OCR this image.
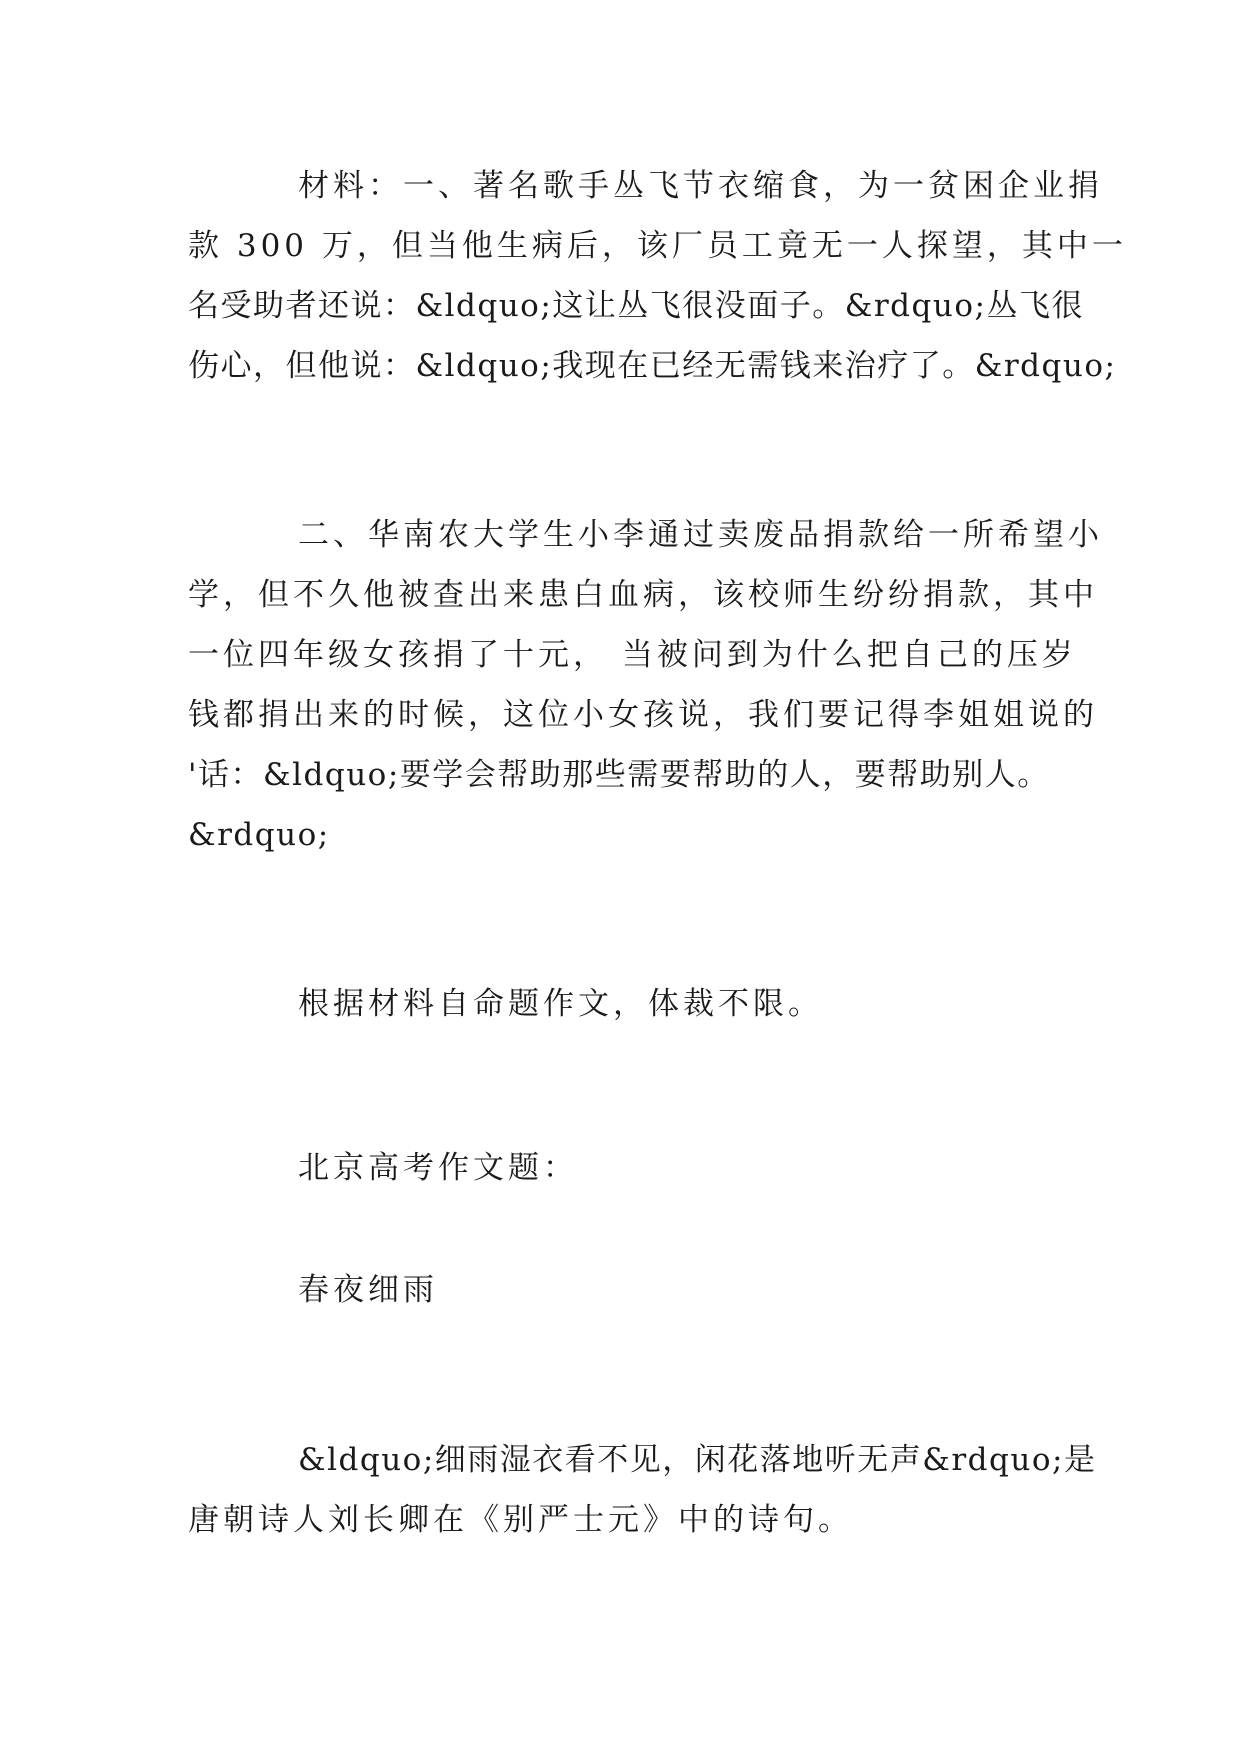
材料：一、著名歌手丛飞节衣缩食，为一贫困企业捐

款 300 万，但当他生病后，该厂员工竟无一人探望，其中一

名受助者还说：&ldquo;这让丛飞很没面子。&rdquo;丛飞很

伤心，但他说：&ldquo;我现在已经无需钱来治疗了。&rdquo;

二、华南农大学生小李通过卖废品捐款给一所希望小

学，但不久他被查出来患白血病，该校师生纷纷捐款，其中

一位四年级女孩捐了十元， 当被问到为什么把自己的压岁

钱都捐出来的时候，这位小女孩说，我们要记得李姐姐说的

'话：&ldquo;要学会帮助那些需要帮助的人，要帮助别人。

&rdquo;

根据材料自命题作文，体裁不限。

北京高考作文题：

春夜细雨

&ldquo;细雨湿衣看不见，闲花落地听无声&rdquo;是

唐朝诗人刘长卿在《别严士元》中的诗句。
